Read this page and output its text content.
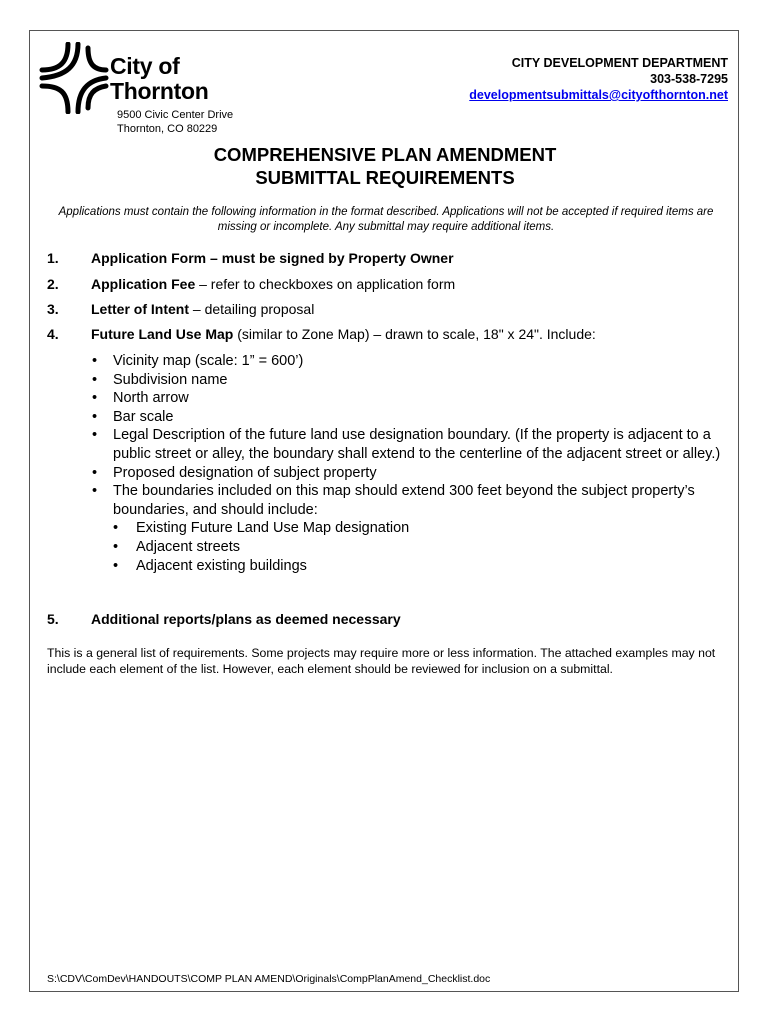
City of
Thornton
9500 Civic Center Drive
Thornton, CO 80229
CITY DEVELOPMENT DEPARTMENT
303-538-7295
developmentsubmittals@cityofthornton.net
COMPREHENSIVE PLAN AMENDMENT
SUBMITTAL REQUIREMENTS
Applications must contain the following information in the format described. Applications will not be accepted if required items are missing or incomplete. Any submittal may require additional items.
1. Application Form – must be signed by Property Owner
2. Application Fee – refer to checkboxes on application form
3. Letter of Intent – detailing proposal
4. Future Land Use Map (similar to Zone Map) – drawn to scale, 18" x 24". Include:
• Vicinity map (scale: 1” = 600’)
• Subdivision name
• North arrow
• Bar scale
• Legal Description of the future land use designation boundary. (If the property is adjacent to a public street or alley, the boundary shall extend to the centerline of the adjacent street or alley.)
• Proposed designation of subject property
• The boundaries included on this map should extend 300 feet beyond the subject property’s boundaries, and should include:
• Existing Future Land Use Map designation
• Adjacent streets
• Adjacent existing buildings
5. Additional reports/plans as deemed necessary
This is a general list of requirements. Some projects may require more or less information. The attached examples may not include each element of the list. However, each element should be reviewed for inclusion on a submittal.
S:\CDV\ComDev\HANDOUTS\COMP PLAN AMEND\Originals\CompPlanAmend_Checklist.doc
